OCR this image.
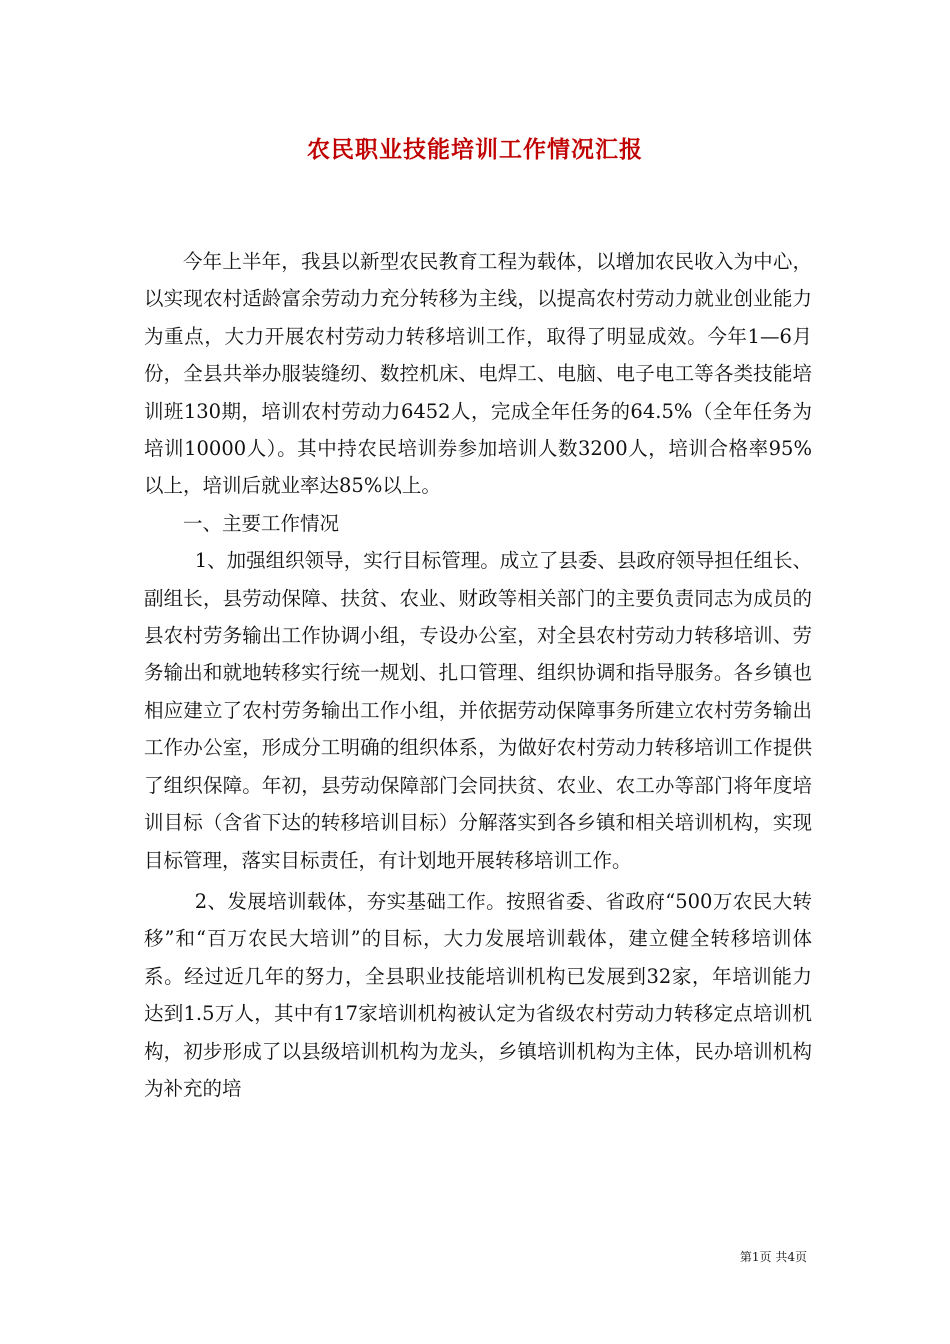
农民职业技能培训工作情况汇报

今年上半年，我县以新型农民教育工程为载体，以增加农民收入为中心，以实现农村适龄富余劳动力充分转移为主线，以提高农村劳动力就业创业能力为重点，大力开展农村劳动力转移培训工作，取得了明显成效。今年1—6月份，全县共举办服装缝纫、数控机床、电焊工、电脑、电子电工等各类技能培训班130期，培训农村劳动力6452人，完成全年任务的64.5%（全年任务为培训10000人）。其中持农民培训券参加培训人数3200人，培训合格率95%以上，培训后就业率达85%以上。

一、主要工作情况

1、加强组织领导，实行目标管理。成立了县委、县政府领导担任组长、副组长，县劳动保障、扶贫、农业、财政等相关部门的主要负责同志为成员的县农村劳务输出工作协调小组，专设办公室，对全县农村劳动力转移培训、劳务输出和就地转移实行统一规划、扎口管理、组织协调和指导服务。各乡镇也相应建立了农村劳务输出工作小组，并依据劳动保障事务所建立农村劳务输出工作办公室，形成分工明确的组织体系，为做好农村劳动力转移培训工作提供了组织保障。年初，县劳动保障部门会同扶贫、农业、农工办等部门将年度培训目标（含省下达的转移培训目标）分解落实到各乡镇和相关培训机构，实现目标管理，落实目标责任，有计划地开展转移培训工作。

2、发展培训载体，夯实基础工作。按照省委、省政府“500万农民大转移”和“百万农民大培训”的目标，大力发展培训载体，建立健全转移培训体系。经过近几年的努力，全县职业技能培训机构已发展到32家，年培训能力达到1.5万人，其中有17家培训机构被认定为省级农村劳动力转移定点培训机构，初步形成了以县级培训机构为龙头，乡镇培训机构为主体，民办培训机构为补充的培

第1页 共4页
